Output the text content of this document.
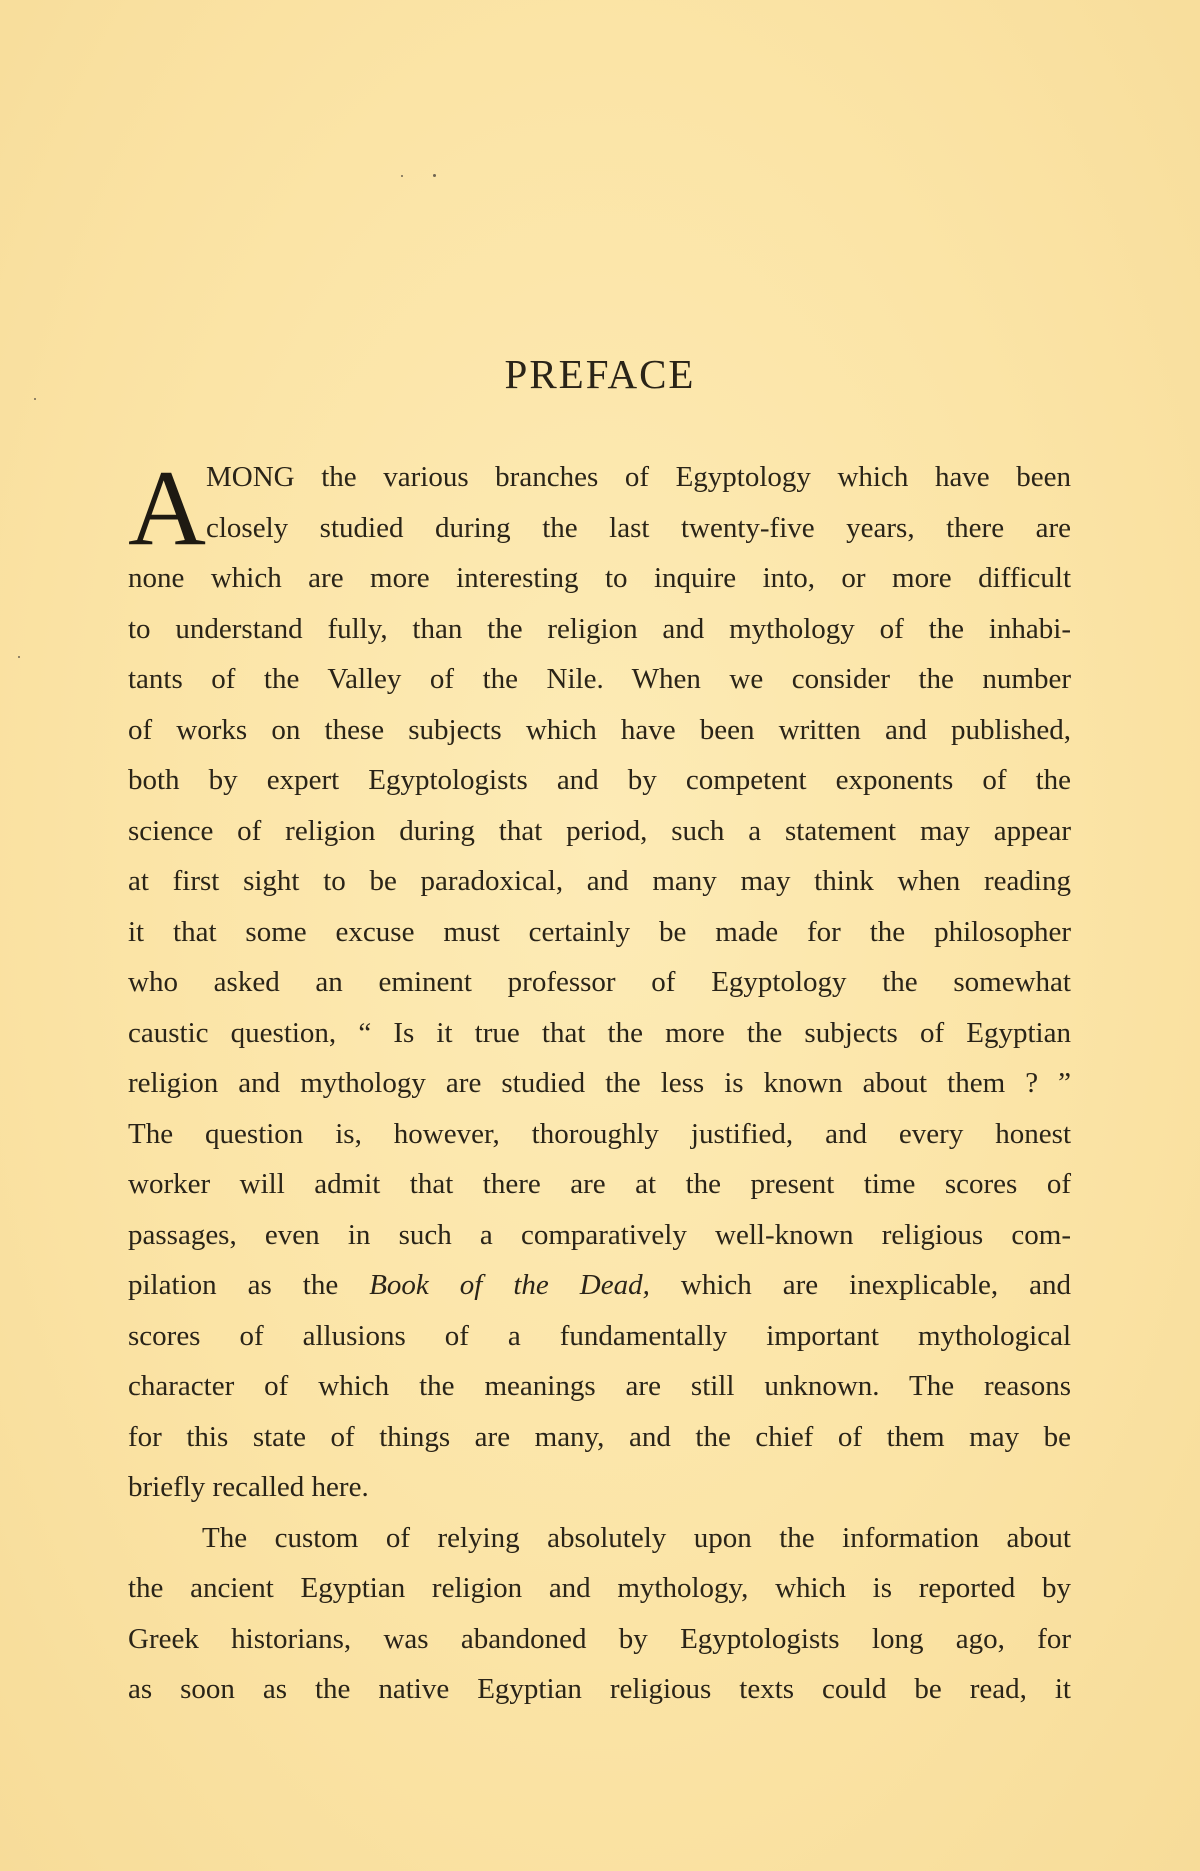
PREFACE
A MONG the various branches of Egyptology which have been
closely studied during the last twenty-five years, there are
none which are more interesting to inquire into, or more difficult
to understand fully, than the religion and mythology of the inhabi-
tants of the Valley of the Nile. When we consider the number
of works on these subjects which have been written and published,
both by expert Egyptologists and by competent exponents of the
science of religion during that period, such a statement may appear
at first sight to be paradoxical, and many may think when reading
it that some excuse must certainly be made for the philosopher
who asked an eminent professor of Egyptology the somewhat
caustic question, “ Is it true that the more the subjects of Egyptian
religion and mythology are studied the less is known about them ? ”
The question is, however, thoroughly justified, and every honest
worker will admit that there are at the present time scores of
passages, even in such a comparatively well-known religious com-
pilation as the Book of the Dead, which are inexplicable, and
scores of allusions of a fundamentally important mythological
character of which the meanings are still unknown. The reasons
for this state of things are many, and the chief of them may be
briefly recalled here.
The custom of relying absolutely upon the information about
the ancient Egyptian religion and mythology, which is reported by
Greek historians, was abandoned by Egyptologists long ago, for
as soon as the native Egyptian religious texts could be read, it
